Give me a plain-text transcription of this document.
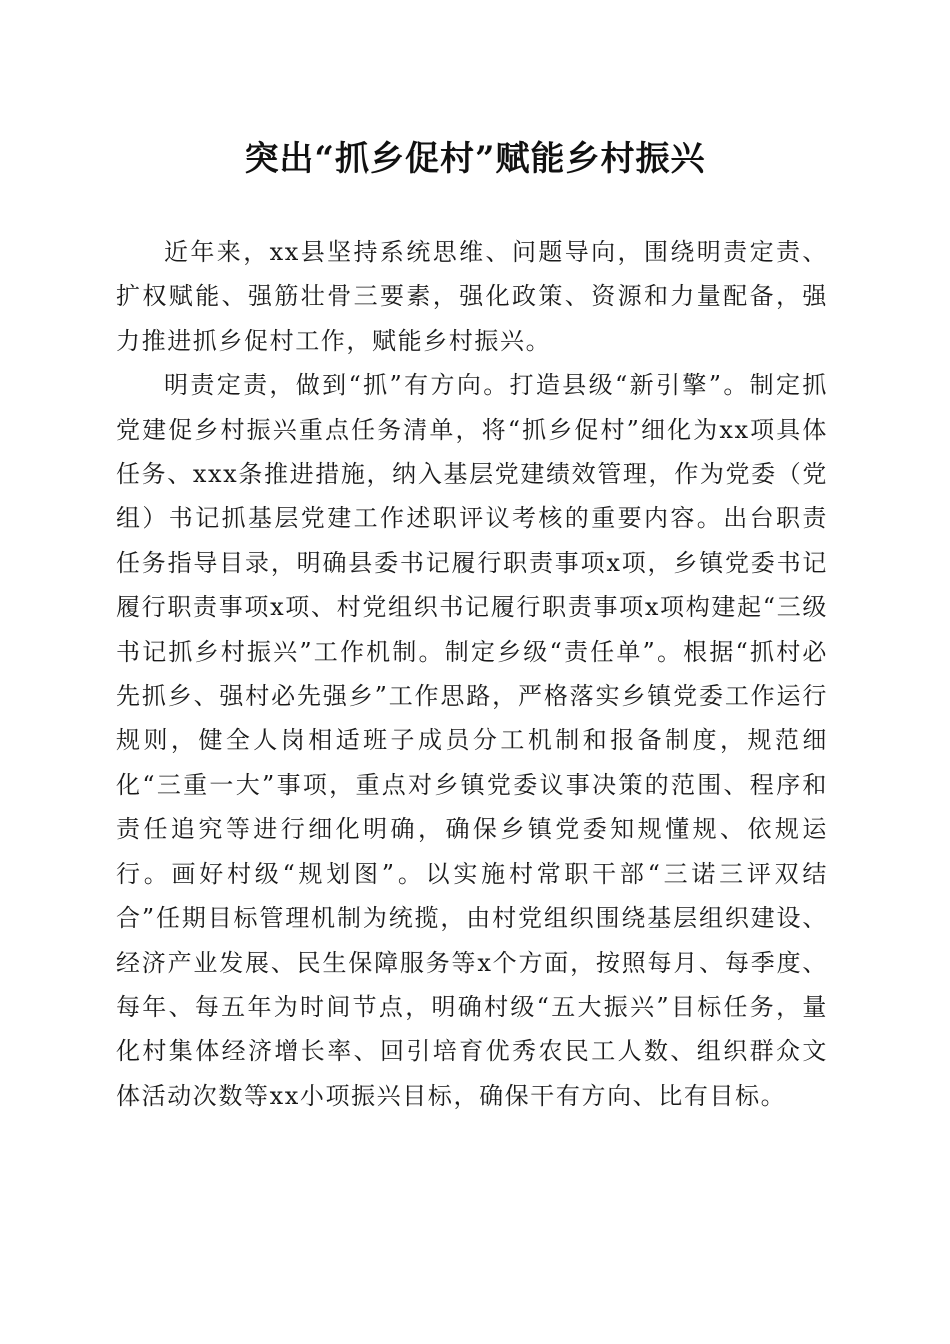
突出“抓乡促村”赋能乡村振兴

近年来，xx县坚持系统思维、问题导向，围绕明责定责、扩权赋能、强筋壮骨三要素，强化政策、资源和力量配备，强力推进抓乡促村工作，赋能乡村振兴。

明责定责，做到“抓”有方向。打造县级“新引擎”。制定抓党建促乡村振兴重点任务清单，将“抓乡促村”细化为xx项具体任务、xxx条推进措施，纳入基层党建绩效管理，作为党委（党组）书记抓基层党建工作述职评议考核的重要内容。出台职责任务指导目录，明确县委书记履行职责事项x项，乡镇党委书记履行职责事项x项、村党组织书记履行职责事项x项构建起“三级书记抓乡村振兴”工作机制。制定乡级“责任单”。根据“抓村必先抓乡、强村必先强乡”工作思路，严格落实乡镇党委工作运行规则，健全人岗相适班子成员分工机制和报备制度，规范细化“三重一大”事项，重点对乡镇党委议事决策的范围、程序和责任追究等进行细化明确，确保乡镇党委知规懂规、依规运行。画好村级“规划图”。以实施村常职干部“三诺三评双结合”任期目标管理机制为统揽，由村党组织围绕基层组织建设、经济产业发展、民生保障服务等x个方面，按照每月、每季度、每年、每五年为时间节点，明确村级“五大振兴”目标任务，量化村集体经济增长率、回引培育优秀农民工人数、组织群众文体活动次数等xx小项振兴目标，确保干有方向、比有目标。
